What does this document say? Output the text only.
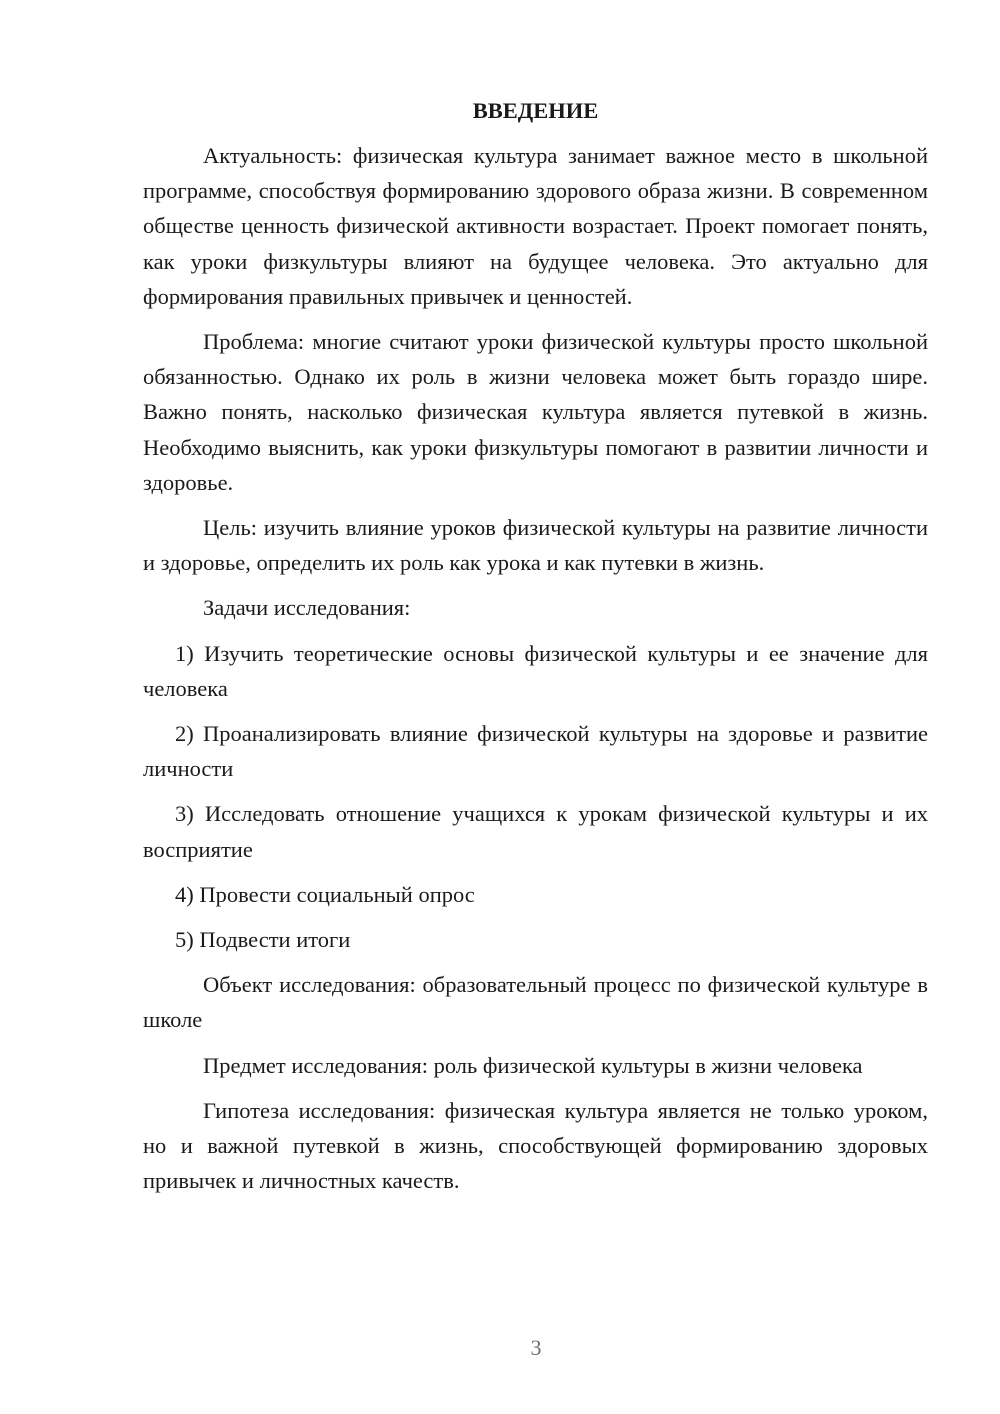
ВВЕДЕНИЕ

Актуальность: физическая культура занимает важное место в школьной программе, способствуя формированию здорового образа жизни. В современном обществе ценность физической активности возрастает. Проект помогает понять, как уроки физкультуры влияют на будущее человека. Это актуально для формирования правильных привычек и ценностей.

Проблема: многие считают уроки физической культуры просто школьной обязанностью. Однако их роль в жизни человека может быть гораздо шире. Важно понять, насколько физическая культура является путевкой в жизнь. Необходимо выяснить, как уроки физкультуры помогают в развитии личности и здоровье.

Цель: изучить влияние уроков физической культуры на развитие личности и здоровье, определить их роль как урока и как путевки в жизнь.

Задачи исследования:

1) Изучить теоретические основы физической культуры и ее значение для человека

2) Проанализировать влияние физической культуры на здоровье и развитие личности

3) Исследовать отношение учащихся к урокам физической культуры и их восприятие

4) Провести социальный опрос

5) Подвести итоги

Объект исследования: образовательный процесс по физической культуре в школе

Предмет исследования: роль физической культуры в жизни человека

Гипотеза исследования: физическая культура является не только уроком, но и важной путевкой в жизнь, способствующей формированию здоровых привычек и личностных качеств.

3
